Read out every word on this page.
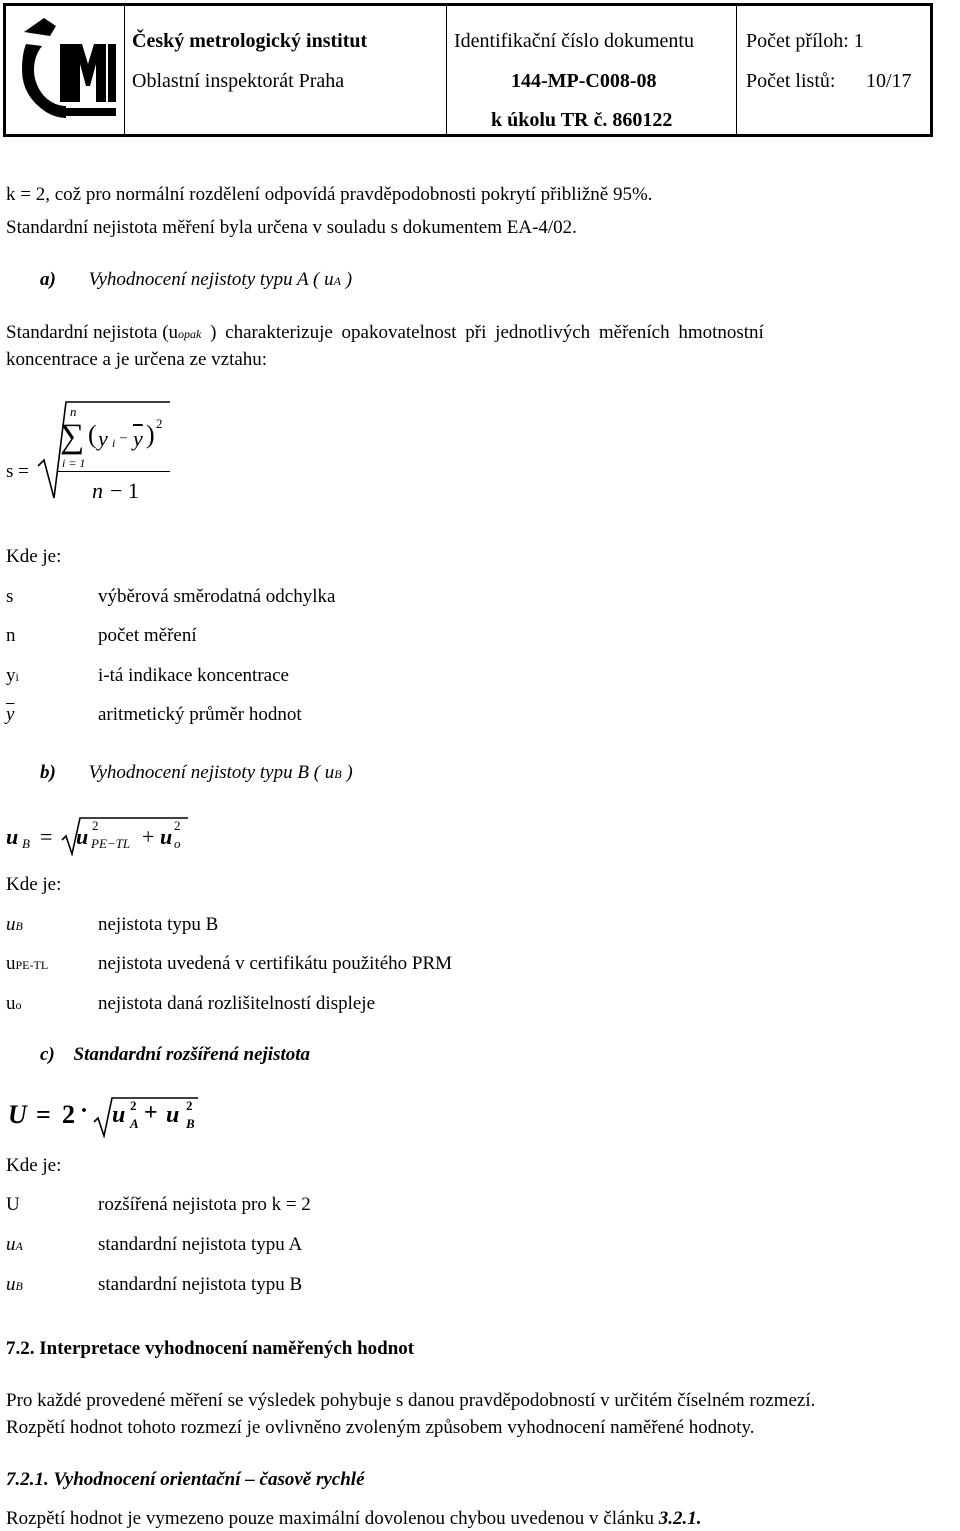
Český metrologický institut
Oblastní inspektorát Praha
Identifikační číslo dokumentu
144-MP-C008-08
k úkolu TR č. 860122
Počet příloh: 1
Počet listů: 10/17
k = 2, což pro normální rozdělení odpovídá pravděpodobnosti pokrytí přibližně 95%.
Standardní nejistota měření byla určena v souladu s dokumentem EA-4/02.
a) Vyhodnocení nejistoty typu A ( uA )
Standardní nejistota (uopak ) charakterizuje opakovatelnost při jednotlivých měřeních hmotnostní
koncentrace a je určena ze vztahu:
s =
n
∑
i = 1
( y i – $\overline{y}$ ) 2
n − 1
Kde je:
s	výběrová směrodatná odchylka
n	počet měření
yi	i-tá indikace koncentrace
$\overline{y}$	aritmetický průměr hodnot
b) Vyhodnocení nejistoty typu B ( uB )
u B = u 2
PE−TL + u 2
o
Kde je:
uB	nejistota typu B
uPE-TL	nejistota uvedená v certifikátu použitého PRM
uo	nejistota daná rozlišitelností displeje
c) Standardní rozšířená nejistota
U = 2 · u 2
A + u 2
B
Kde je:
U	rozšířená nejistota pro k = 2
uA	standardní nejistota typu A
uB	standardní nejistota typu B
7.2. Interpretace vyhodnocení naměřených hodnot
Pro každé provedené měření se výsledek pohybuje s danou pravděpodobností v určitém číselném rozmezí.
Rozpětí hodnot tohoto rozmezí je ovlivněno zvoleným způsobem vyhodnocení naměřené hodnoty.
7.2.1. Vyhodnocení orientační – časově rychlé
Rozpětí hodnot je vymezeno pouze maximální dovolenou chybou uvedenou v článku 3.2.1.
